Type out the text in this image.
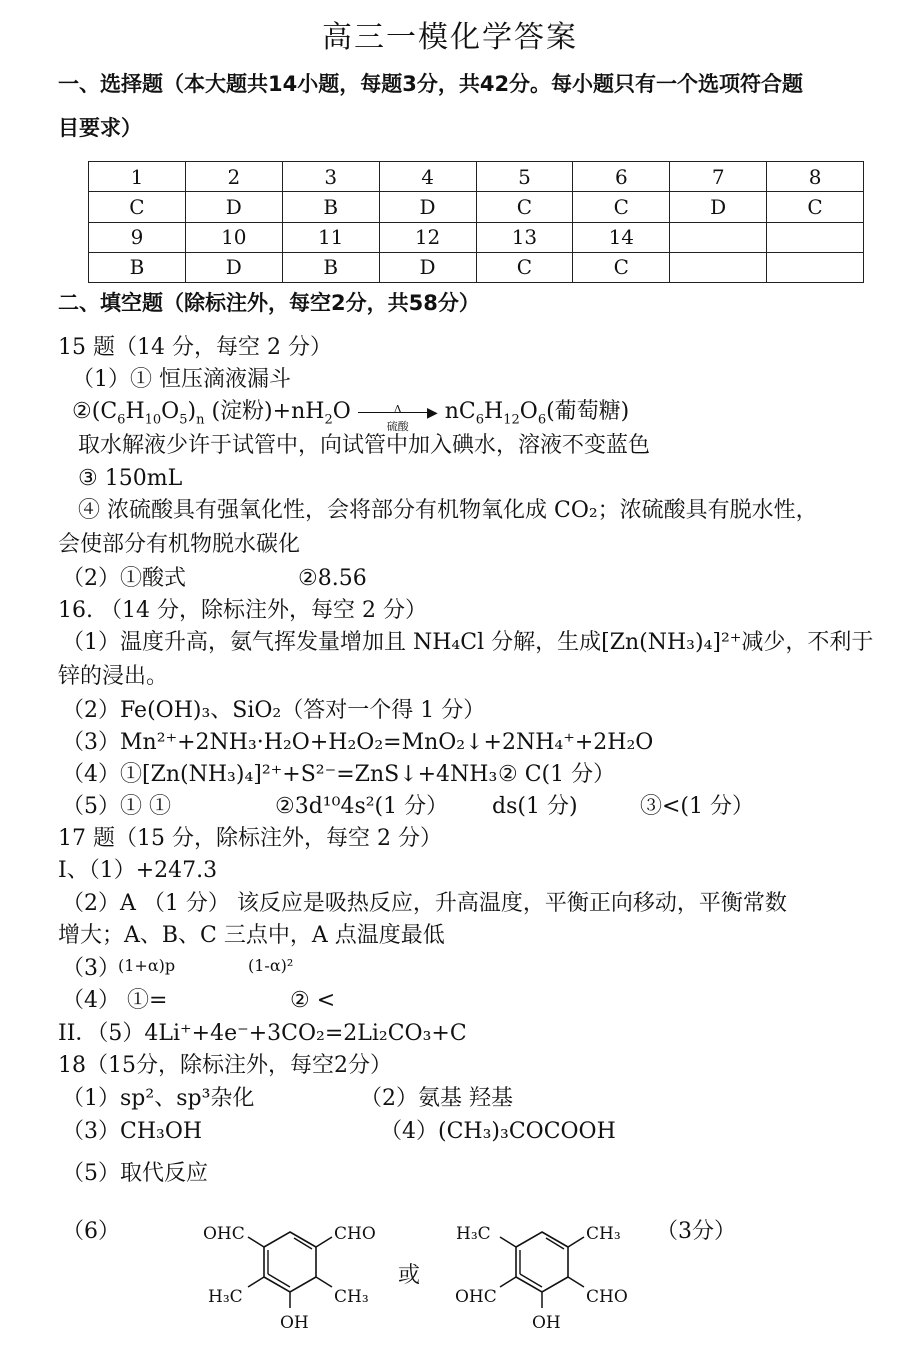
高三一模化学答案
一、选择题（本大题共14小题，每题3分，共42分。每小题只有一个选项符合题
目要求）
1	2	3	4	5	6	7	8
C	D	B	D	C	C	D	C
9	10	11	12	13	14		
B	D	B	D	C	C		
二、填空题（除标注外，每空2分，共58分）
15 题（14 分，每空 2 分）
（1）① 恒压滴液漏斗
$②(C_6H_{10}O_5)_n$ (淀粉)$+nH_2O$	Δ	▶
硫酸
$nC_6H_{12}O_6$(葡萄糖)
取水解液少许于试管中，向试管中加入碘水，溶液不变蓝色
③ 150mL
④ 浓硫酸具有强氧化性，会将部分有机物氧化成 CO₂；浓硫酸具有脱水性，
会使部分有机物脱水碳化
（2）①酸式	②8.56
16. （14 分，除标注外，每空 2 分）
（1）温度升高，氨气挥发量增加且 NH₄Cl 分解，生成[Zn(NH₃)₄]²⁺减少，不利于
锌的浸出。
（2）Fe(OH)₃、SiO₂（答对一个得 1 分）
（3）Mn²⁺+2NH₃·H₂O+H₂O₂=MnO₂↓+2NH₄⁺+2H₂O
（4）①[Zn(NH₃)₄]²⁺+S²⁻=ZnS↓+4NH₃ ② C(1 分）
（5）① ①	②3d¹⁰4s²(1 分） ds(1 分)	③<(1 分）
17 题（15 分，除标注外，每空 2 分）
I、（1）+247.3
（2）A （1 分） 该反应是吸热反应，升高温度，平衡正向移动，平衡常数
增大；A、B、C 三点中，A 点温度最低
（3）
(1+α)p	(1-α)²
（4） ①=	② <
II．（5）4Li⁺+4e⁻+3CO₂=2Li₂CO₃+C
18（15分，除标注外，每空2分）
（1）sp²、sp³杂化	（2）氨基 羟基
（3）CH₃OH	（4）(CH₃)₃COCOOH
（5）取代反应
（6）
或
（3分）
OHC	CHO
H₃C	CH₃
OH
H₃C	CH₃
OHC	CHO
OH
